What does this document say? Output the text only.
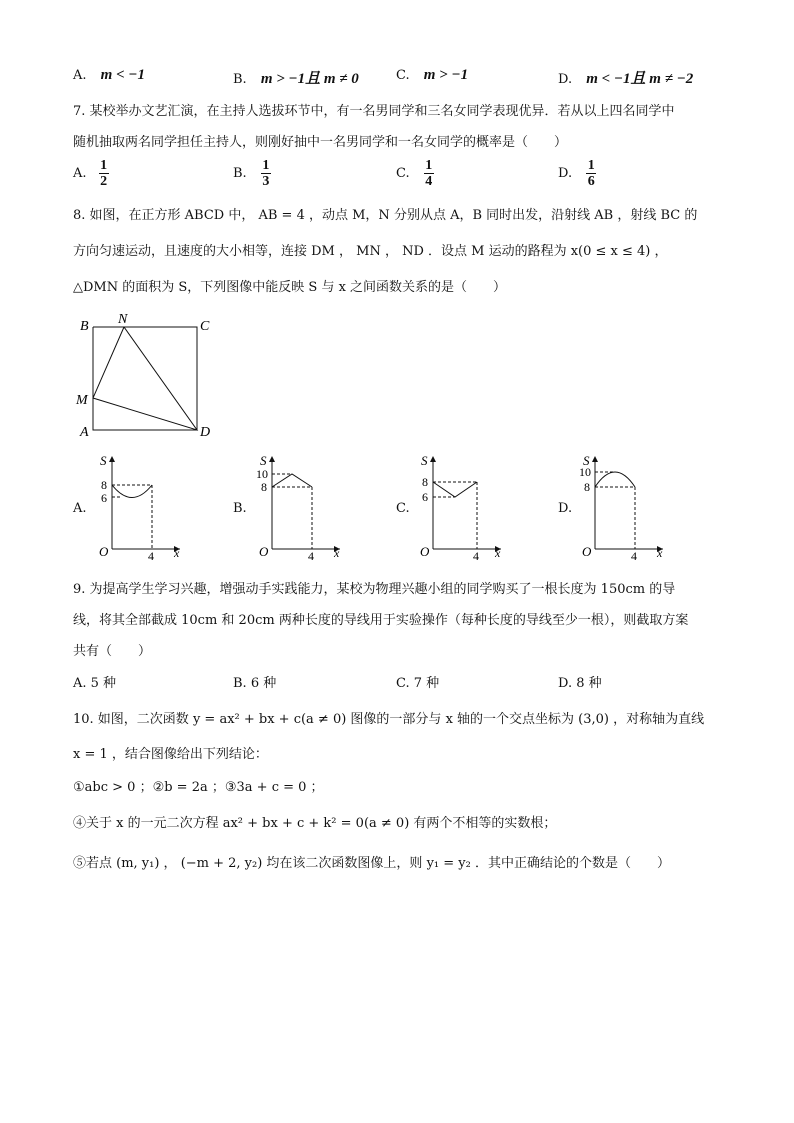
A. m < −1	B. m > −1且 m ≠ 0	C. m > −1	D. m < −1且 m ≠ −2
7. 某校举办文艺汇演，在主持人选拔环节中，有一名男同学和三名女同学表现优异．若从以上四名同学中
随机抽取两名同学担任主持人，则刚好抽中一名男同学和一名女同学的概率是（　　）
A. $\frac{1}{2}$	B. $\frac{1}{3}$	C. $\frac{1}{4}$	D. $\frac{1}{6}$
8. 如图，在正方形 ABCD 中， AB = 4 ，动点 M，N 分别从点 A，B 同时出发，沿射线 AB ，射线 BC 的
方向匀速运动，且速度的大小相等，连接 DM ， MN ， ND ．设点 M 运动的路程为 x(0 ≤ x ≤ 4) ，
△DMN 的面积为 S，下列图像中能反映 S 与 x 之间函数关系的是（　　）
B N	C
M
A	D
A.
S
8
6
O	4 x
B.
S
10
8
O	4 x
C.
S
8
6
O	4 x
D.
S
10
8
O	4 x
9. 为提高学生学习兴趣，增强动手实践能力，某校为物理兴趣小组的同学购买了一根长度为 150cm 的导
线，将其全部截成 10cm 和 20cm 两种长度的导线用于实验操作（每种长度的导线至少一根），则截取方案
共有（　　）
A. 5 种	B. 6 种	C. 7 种	D. 8 种
10. 如图，二次函数 y = ax² + bx + c(a ≠ 0) 图像的一部分与 x 轴的一个交点坐标为 (3,0) ，对称轴为直线
x = 1 ，结合图像给出下列结论：
①abc > 0 ；②b = 2a ；③3a + c = 0 ；
④关于 x 的一元二次方程 ax² + bx + c + k² = 0(a ≠ 0) 有两个不相等的实数根；
⑤若点 (m, y₁) ， (−m + 2, y₂) 均在该二次函数图像上，则 y₁ = y₂ ．其中正确结论的个数是（　　）
